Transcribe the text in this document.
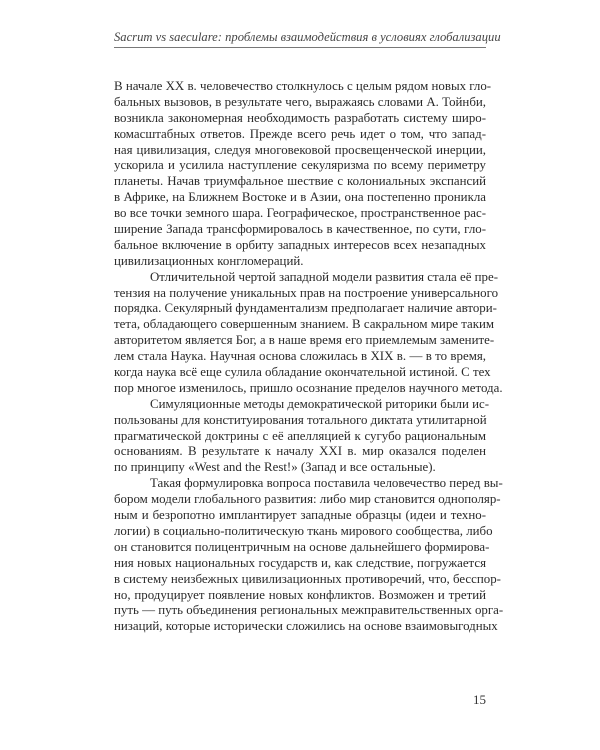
Sacrum vs saeculare: проблемы взаимодействия в условиях глобализации
В начале XX в. человечество столкнулось с целым рядом новых гло-
бальных вызовов, в результате чего, выражаясь словами А. Тойнби,
возникла закономерная необходимость разработать систему широ-
комасштабных ответов. Прежде всего речь идет о том, что запад-
ная цивилизация, следуя многовековой просвещенческой инерции,
ускорила и усилила наступление секуляризма по всему периметру
планеты. Начав триумфальное шествие с колониальных экспансий
в Африке, на Ближнем Востоке и в Азии, она постепенно проникла
во все точки земного шара. Географическое, пространственное рас-
ширение Запада трансформировалось в качественное, по сути, гло-
бальное включение в орбиту западных интересов всех незападных
цивилизационных конгломераций.
Отличительной чертой западной модели развития стала её пре-
тензия на получение уникальных прав на построение универсального
порядка. Секулярный фундаментализм предполагает наличие автори-
тета, обладающего совершенным знанием. В сакральном мире таким
авторитетом является Бог, а в наше время его приемлемым замените-
лем стала Наука. Научная основа сложилась в XIX в. — в то время,
когда наука всё еще сулила обладание окончательной истиной. С тех
пор многое изменилось, пришло осознание пределов научного метода.
Симуляционные методы демократической риторики были ис-
пользованы для конституирования тотального диктата утилитарной
прагматической доктрины с её апелляцией к сугубо рациональным
основаниям. В результате к началу XXI в. мир оказался поделен
по принципу «West and the Rest!» (Запад и все остальные).
Такая формулировка вопроса поставила человечество перед вы-
бором модели глобального развития: либо мир становится однополяр-
ным и безропотно имплантирует западные образцы (идеи и техно-
логии) в социально-политическую ткань мирового сообщества, либо
он становится полицентричным на основе дальнейшего формирова-
ния новых национальных государств и, как следствие, погружается
в систему неизбежных цивилизационных противоречий, что, бесспор-
но, продуцирует появление новых конфликтов. Возможен и третий
путь — путь объединения региональных межправительственных орга-
низаций, которые исторически сложились на основе взаимовыгодных
15
